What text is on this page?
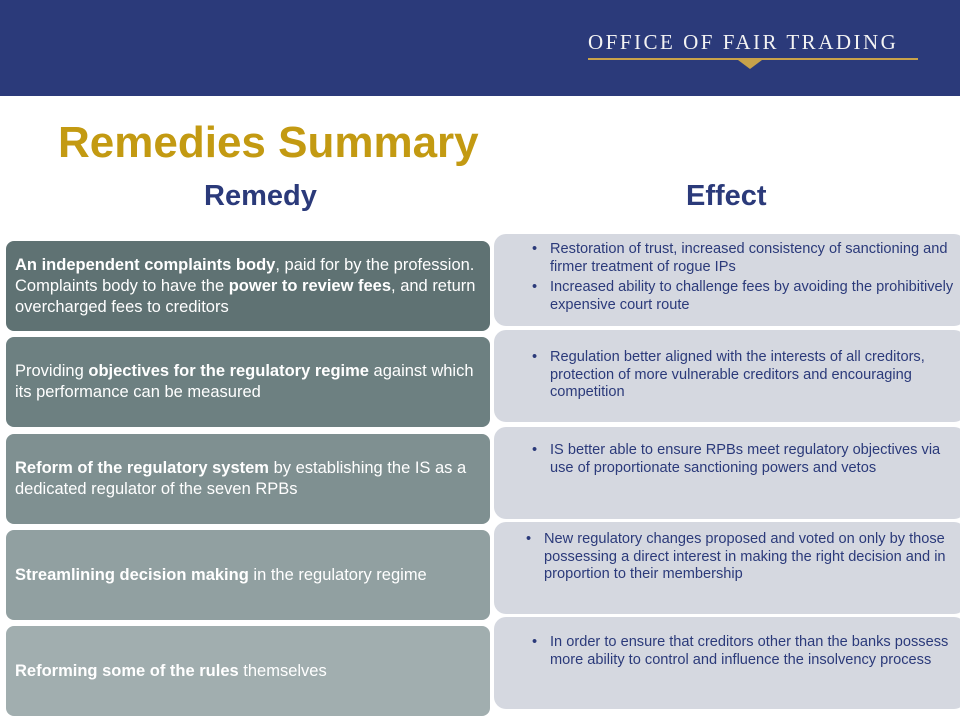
OFFICE OF FAIR TRADING
Remedies Summary
Remedy	Effect
An independent complaints body, paid for by the profession. Complaints body to have the power to review fees, and return overcharged fees to creditors
• Restoration of trust, increased consistency of sanctioning and firmer treatment of rogue IPs
• Increased ability to challenge fees by avoiding the prohibitively expensive court route
Providing objectives for the regulatory regime against which its performance can be measured
• Regulation better aligned with the interests of all creditors, protection of more vulnerable creditors and encouraging competition
Reform of the regulatory system by establishing the IS as a dedicated regulator of the seven RPBs
• IS better able to ensure RPBs meet regulatory objectives via use of proportionate sanctioning powers and vetos
Streamlining decision making in the regulatory regime
• New regulatory changes proposed and voted on only by those possessing a direct interest in making the right decision and in proportion to their membership
Reforming some of the rules themselves
• In order to ensure that creditors other than the banks possess more ability to control and influence the insolvency process
